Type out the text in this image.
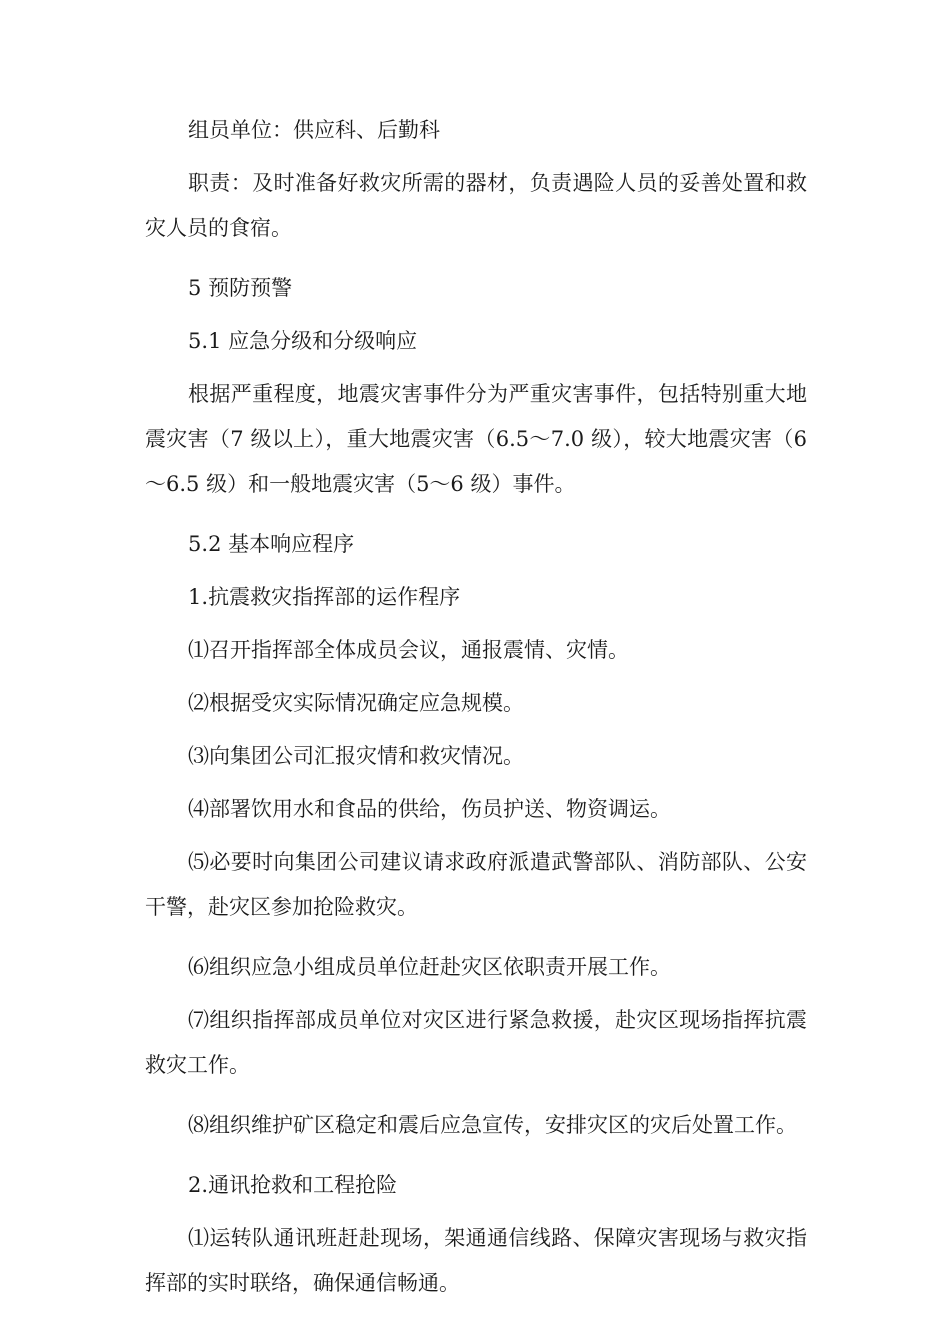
组员单位：供应科、后勤科

职责：及时准备好救灾所需的器材，负责遇险人员的妥善处置和救灾人员的食宿。

5 预防预警

5.1 应急分级和分级响应

根据严重程度，地震灾害事件分为严重灾害事件，包括特别重大地震灾害（7 级以上），重大地震灾害（6.5～7.0 级），较大地震灾害（6～6.5 级）和一般地震灾害（5～6 级）事件。

5.2 基本响应程序

1.抗震救灾指挥部的运作程序

⑴召开指挥部全体成员会议，通报震情、灾情。

⑵根据受灾实际情况确定应急规模。

⑶向集团公司汇报灾情和救灾情况。

⑷部署饮用水和食品的供给，伤员护送、物资调运。

⑸必要时向集团公司建议请求政府派遣武警部队、消防部队、公安干警，赴灾区参加抢险救灾。

⑹组织应急小组成员单位赶赴灾区依职责开展工作。

⑺组织指挥部成员单位对灾区进行紧急救援，赴灾区现场指挥抗震救灾工作。

⑻组织维护矿区稳定和震后应急宣传，安排灾区的灾后处置工作。

2.通讯抢救和工程抢险

⑴运转队通讯班赶赴现场，架通通信线路、保障灾害现场与救灾指挥部的实时联络，确保通信畅通。
